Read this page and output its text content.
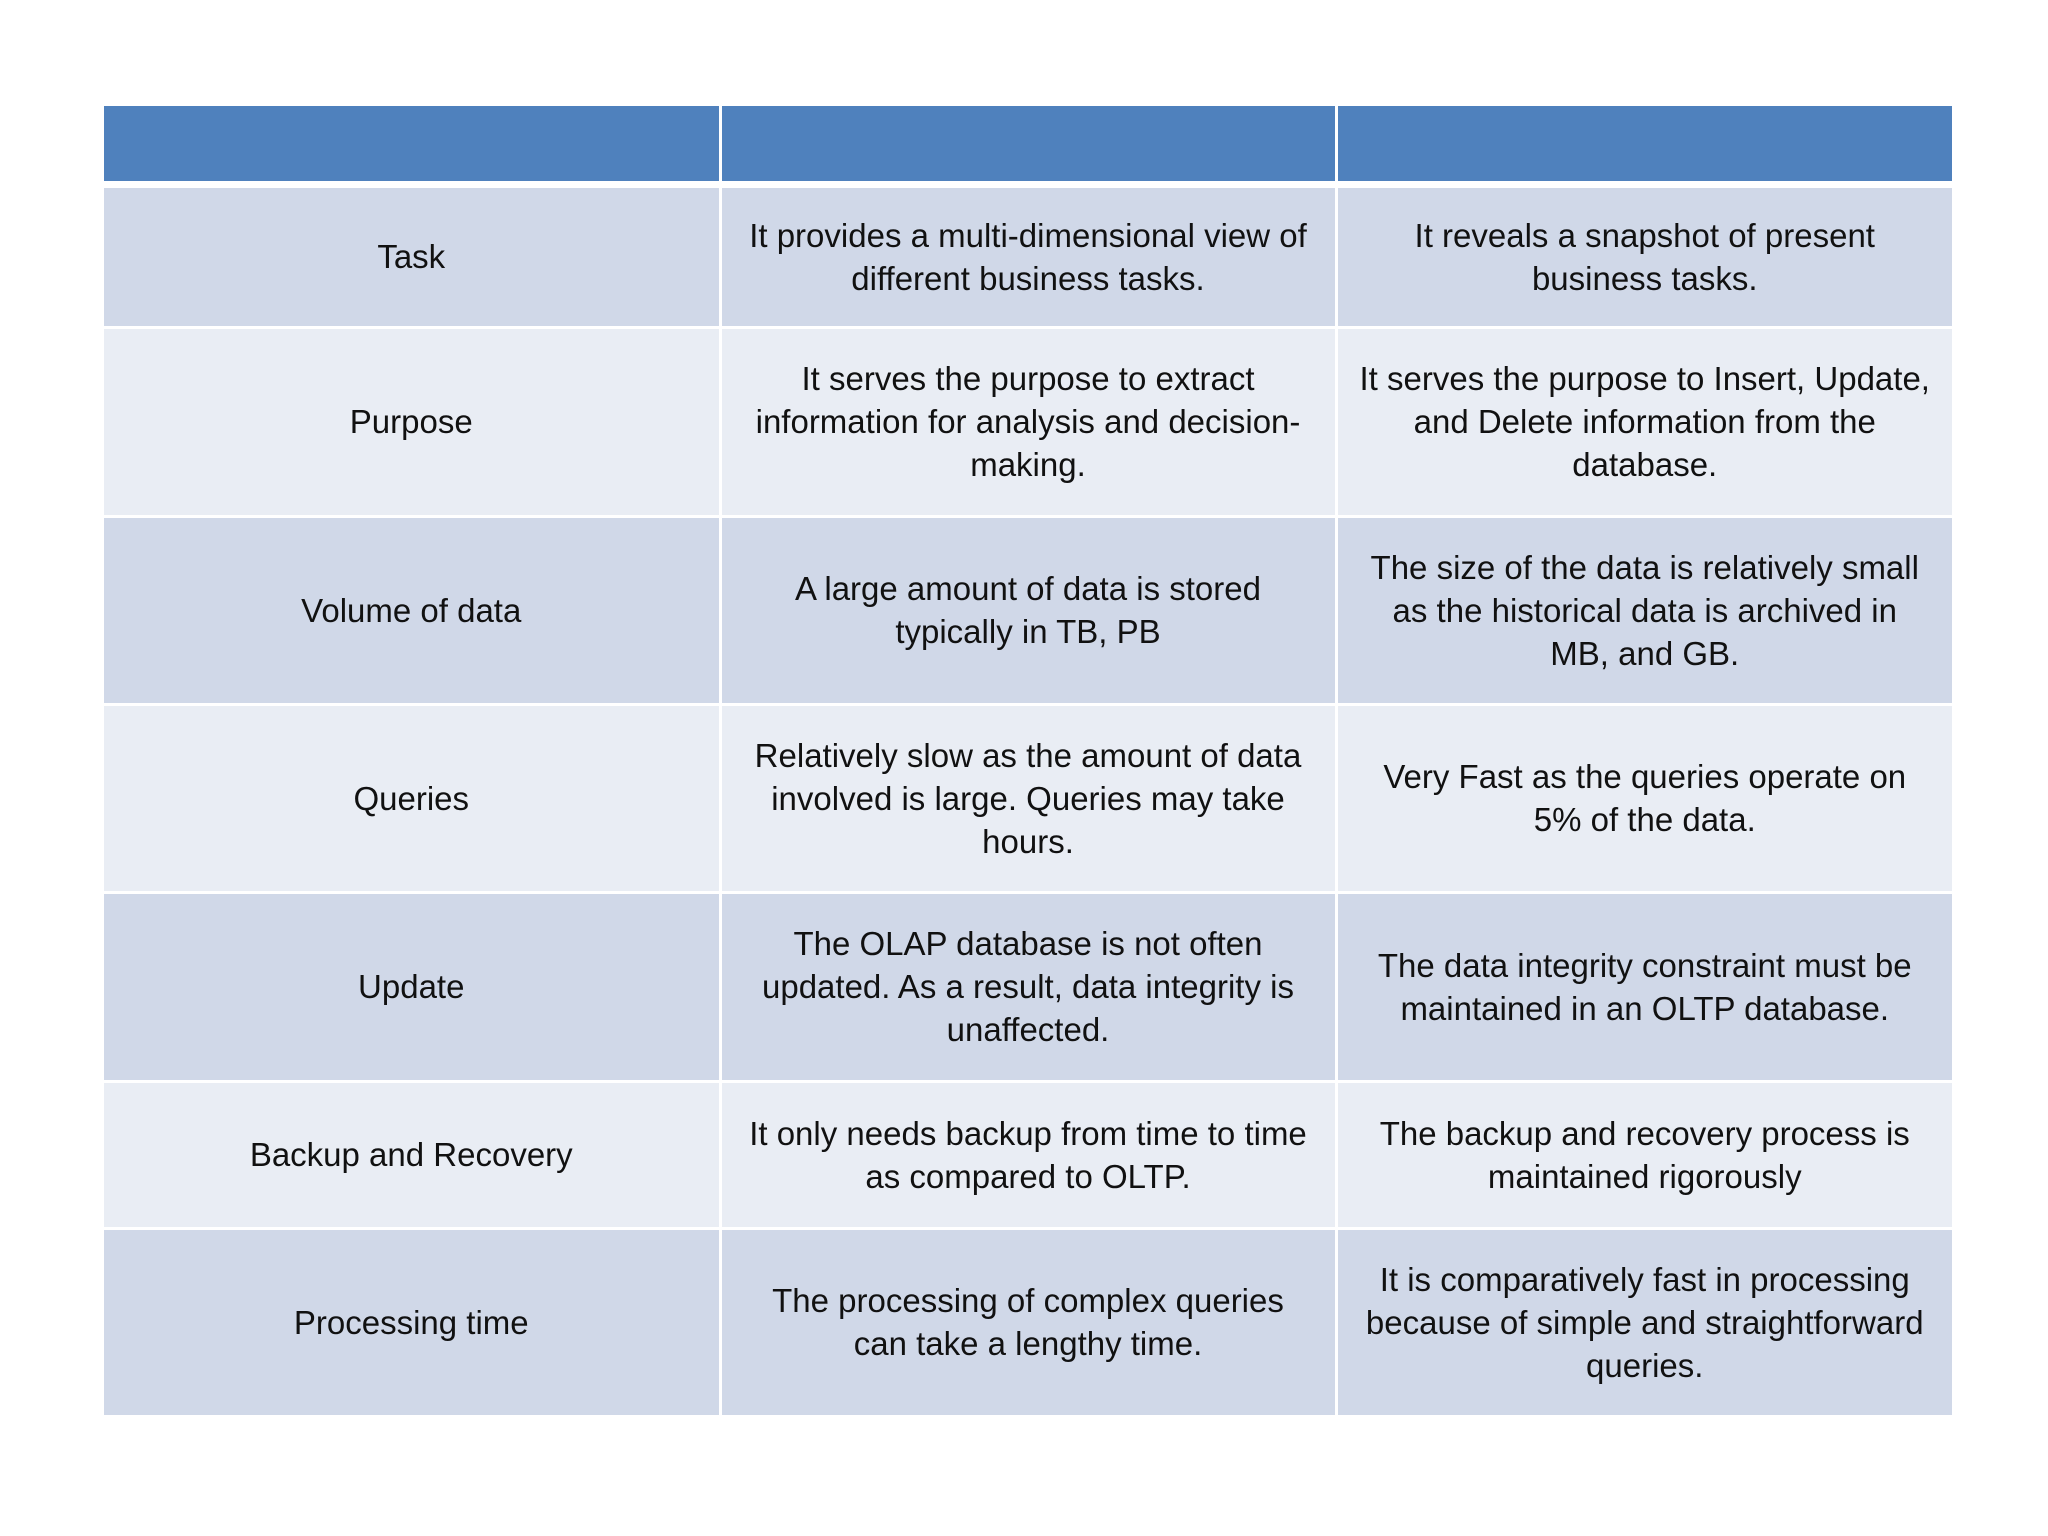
Task	It provides a multi-dimensional view of different business tasks.	It reveals a snapshot of present business tasks.
Purpose	It serves the purpose to extract information for analysis and decision-making.	It serves the purpose to Insert, Update, and Delete information from the database.
Volume of data	A large amount of data is stored typically in TB, PB	The size of the data is relatively small as the historical data is archived in MB, and GB.
Queries	Relatively slow as the amount of data involved is large. Queries may take hours.	Very Fast as the queries operate on 5% of the data.
Update	The OLAP database is not often updated. As a result, data integrity is unaffected.	The data integrity constraint must be maintained in an OLTP database.
Backup and Recovery	It only needs backup from time to time as compared to OLTP.	The backup and recovery process is maintained rigorously
Processing time	The processing of complex queries can take a lengthy time.	It is comparatively fast in processing because of simple and straightforward queries.
